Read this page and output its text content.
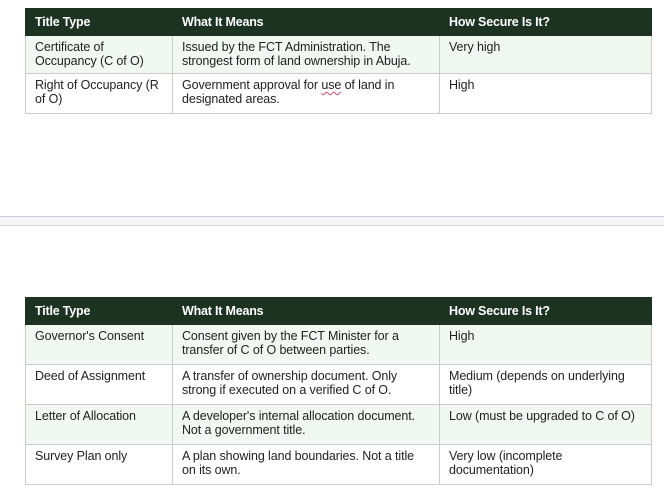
Title Type	What It Means	How Secure Is It?
Certificate of Occupancy (C of O)	Issued by the FCT Administration. The strongest form of land ownership in Abuja.	Very high
Right of Occupancy (R of O)	Government approval for use of land in designated areas.	High
Title Type	What It Means	How Secure Is It?
Governor's Consent	Consent given by the FCT Minister for a transfer of C of O between parties.	High
Deed of Assignment	A transfer of ownership document. Only strong if executed on a verified C of O.	Medium (depends on underlying title)
Letter of Allocation	A developer's internal allocation document. Not a government title.	Low (must be upgraded to C of O)
Survey Plan only	A plan showing land boundaries. Not a title on its own.	Very low (incomplete documentation)
